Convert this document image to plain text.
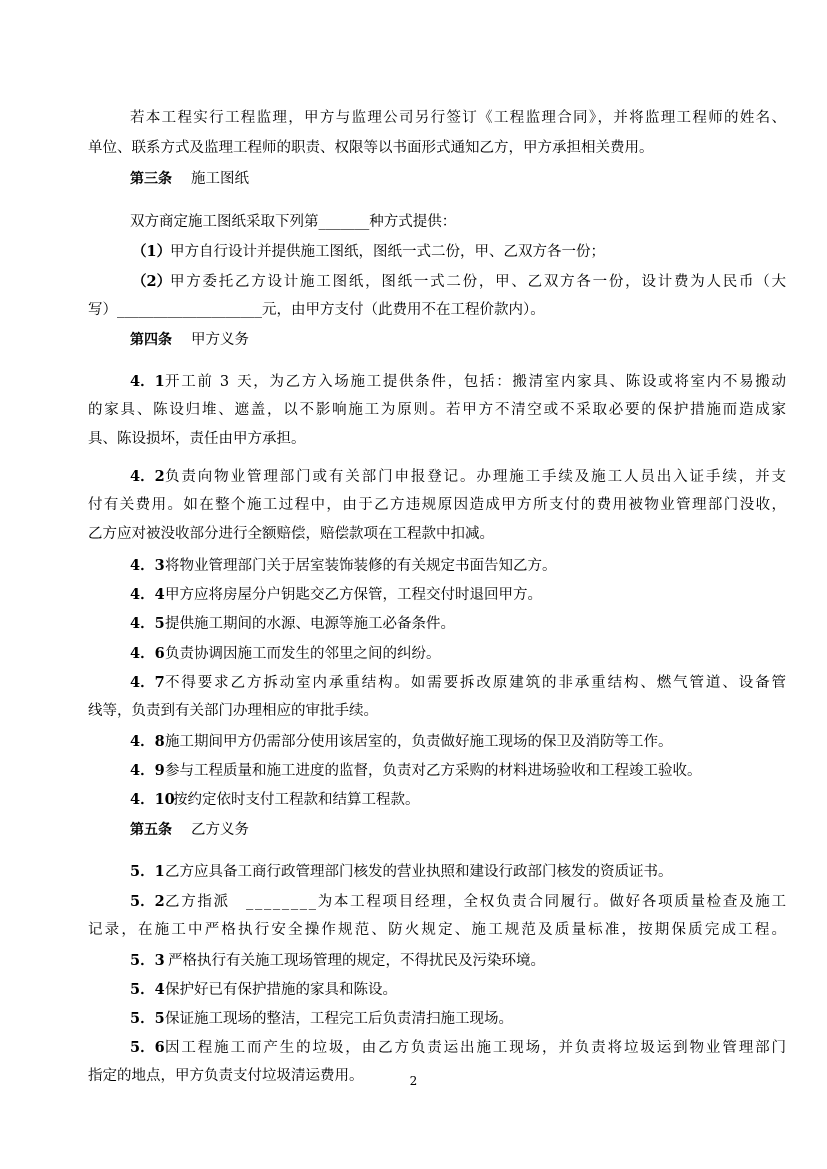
若本工程实行工程监理，甲方与监理公司另行签订《工程监理合同》，并将监理工程师的姓名、
单位、联系方式及监理工程师的职责、权限等以书面形式通知乙方，甲方承担相关费用。
第三条 施工图纸
双方商定施工图纸采取下列第_______种方式提供：
（1）
甲方自行设计并提供施工图纸，图纸一式二份，甲、乙双方各一份；
（2）
甲方委托乙方设计施工图纸，图纸一式二份，甲、乙双方各一份，设计费为人民币（大
写）____________________元，由甲方支付（此费用不在工程价款内）。
第四条 甲方义务
4．1 开工前 3 天，为乙方入场施工提供条件，包括：搬清室内家具、陈设或将室内不易搬动
的家具、陈设归堆、遮盖，以不影响施工为原则。若甲方不清空或不采取必要的保护措施而造成家
具、陈设损坏，责任由甲方承担。
4．2 负责向物业管理部门或有关部门申报登记。办理施工手续及施工人员出入证手续，并支
付有关费用。如在整个施工过程中，由于乙方违规原因造成甲方所支付的费用被物业管理部门没收，
乙方应对被没收部分进行全额赔偿，赔偿款项在工程款中扣减。
4．3 将物业管理部门关于居室装饰装修的有关规定书面告知乙方。
4．4 甲方应将房屋分户钥匙交乙方保管，工程交付时退回甲方。
4．5 提供施工期间的水源、电源等施工必备条件。
4．6 负责协调因施工而发生的邻里之间的纠纷。
4．7 不得要求乙方拆动室内承重结构。如需要拆改原建筑的非承重结构、燃气管道、设备管
线等，负责到有关部门办理相应的审批手续。
4．8 施工期间甲方仍需部分使用该居室的，负责做好施工现场的保卫及消防等工作。
4．9 参与工程质量和施工进度的监督，负责对乙方采购的材料进场验收和工程竣工验收。
4．10
按约定依时支付工程款和结算工程款。
第五条 乙方义务
5．1 乙方应具备工商行政管理部门核发的营业执照和建设行政部门核发的资质证书。
5．2 乙方指派　________为本工程项目经理，全权负责合同履行。做好各项质量检查及施工
记录，在施工中严格执行安全操作规范、防火规定、施工规范及质量标准，按期保质完成工程。
5．3 严格执行有关施工现场管理的规定，不得扰民及污染环境。
5．4 保护好已有保护措施的家具和陈设。
5．5 保证施工现场的整洁，工程完工后负责清扫施工现场。
5．6 因工程施工而产生的垃圾，由乙方负责运出施工现场，并负责将垃圾运到物业管理部门
指定的地点，甲方负责支付垃圾清运费用。	2
